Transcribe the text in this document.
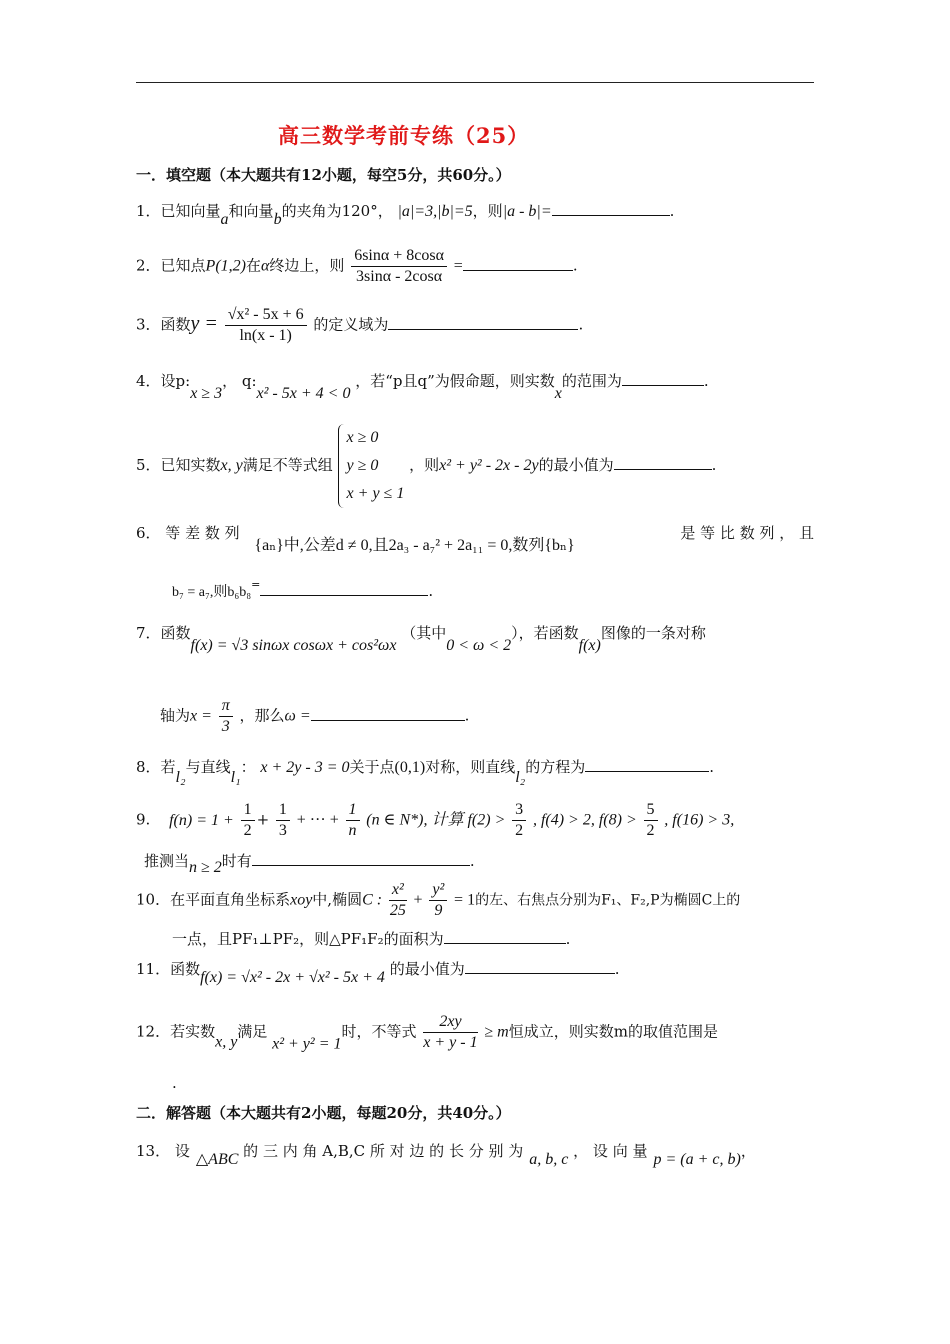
高三数学考前专练（25）
一．填空题（本大题共有12小题，每空5分，共60分。）
1．已知向量a和向量b的夹角为120°， |a|=3,|b|=5，则|a - b|=	.
2．已知点P(1,2)在α终边上，则 $\frac{6\sin\alpha + 8\cos\alpha}{3\sin\alpha - 2\cos\alpha}$ =	.
3．函数$y = \frac{\text{√x² - 5x + 6}}{\ln(x - 1)}$ 的定义域为	.
4．设p:x ≥ 3， q:x² - 5x + 4 < 0 ，若“p且q”为假命题，则实数x的范围为	.
5．已知实数x, y满足不等式组
x ≥ 0
y ≥ 0
x + y ≤ 1
，则x² + y² - 2x - 2y的最小值为	.
6． 等 差 数 列 {aₙ}中,公差d ≠ 0,且2a₃ - a₇² + 2a₁₁ = 0,数列{bₙ}
是 等 比 数 列 ， 且
b₇ = a₇,则b₆b₈=	.
7．函数f(x) = √3 sinωx cosωx + cos²ωx （其中0 < ω < 2），若函数f(x)图像的一条对称
轴为$x = \frac{\pi}{3}$ ，那么ω =	.
8．若l₂与直线l₁： x + 2y - 3 = 0关于点(0,1)对称，则直线l₂的方程为	.
9. $f(n) = 1 + \frac{1}{2} + \frac{1}{3}$ + ··· + $\frac{1}{n} (n$ ∈ N*), 计算 $f(2) > \frac{3}{2}$ , f(4) > 2, $f(8) > \frac{5}{2}$ , f(16) > 3,
推测当n ≥ 2时有	.
10．在平面直角坐标系xoy中,椭圆C : $\frac{\text{x²}}{25} + \frac{\text{y²}}{9} = 1$的左、右焦点分别为F₁、F₂,P为椭圆C上的
一点，且PF₁⊥PF₂，则△PF₁F₂的面积为	.
11．函数f(x) = √x² - 2x + √x² - 5x + 4 的最小值为	.
12．若实数x, y满足 x² + y² = 1时，不等式 $\frac{2xy}{x + y - 1} \ge m$恒成立，则实数m的取值范围是
.
二．解答题（本大题共有2小题，每题20分，共40分。）
13． 设 △ABC 的 三 内 角 A,B,C 所 对 边 的 长 分 别 为 a, b, c ， 设 向 量 p = (a + c, b)，
